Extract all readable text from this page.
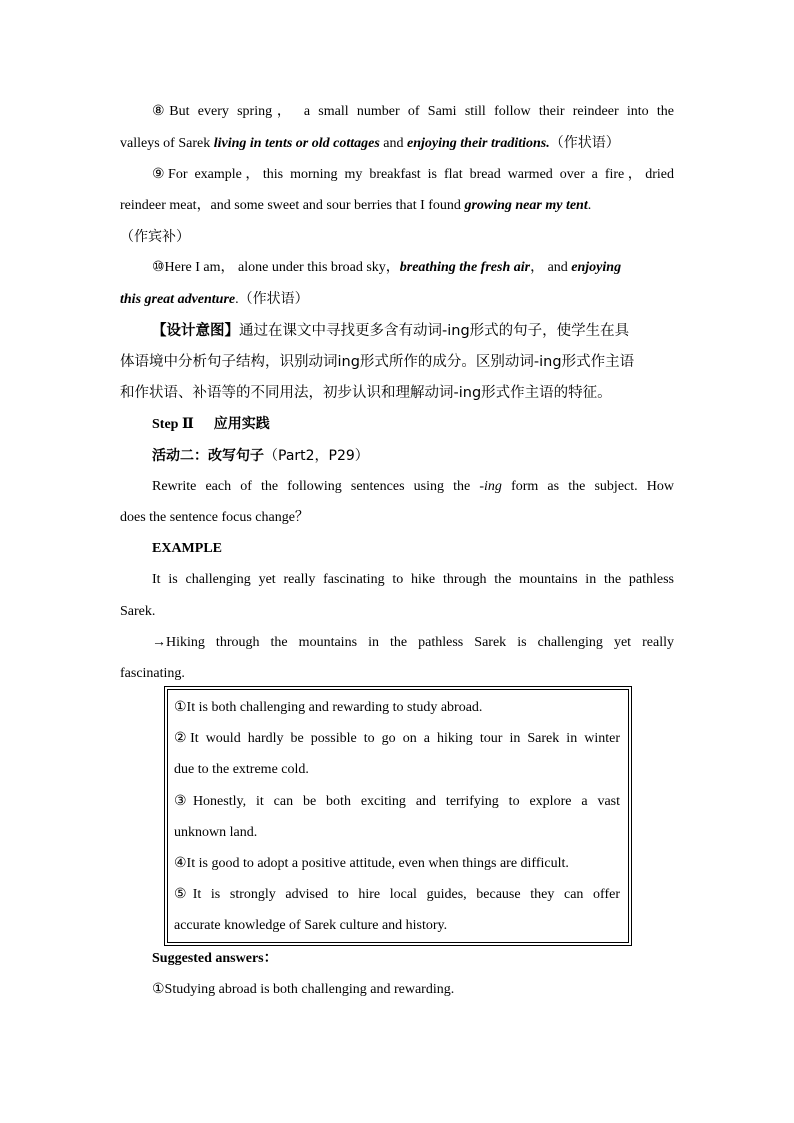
⑧But every spring， a small number of Sami still follow their reindeer into the
valleys of Sarek living in tents or old cottages and enjoying their traditions.（作状语）
⑨For example，this morning my breakfast is flat bread warmed over a fire，dried
reindeer meat，and some sweet and sour berries that I found growing near my tent.
（作宾补）
⑩Here I am， alone under this broad sky，breathing the fresh air， and enjoying
this great adventure.（作状语）
【设计意图】通过在课文中寻找更多含有动词-ing形式的句子，使学生在具
体语境中分析句子结构，识别动词ing形式所作的成分。区别动词-ing形式作主语
和作状语、补语等的不同用法，初步认识和理解动词-ing形式作主语的特征。
Step Ⅱ 应用实践
活动二：改写句子（Part2，P29）
Rewrite each of the following sentences using the -ing form as the subject. How
does the sentence focus change？
EXAMPLE
It is challenging yet really fascinating to hike through the mountains in the pathless
Sarek.
→Hiking through the mountains in the pathless Sarek is challenging yet really
fascinating.
①It is both challenging and rewarding to study abroad.
②It would hardly be possible to go on a hiking tour in Sarek in winter
due to the extreme cold.
③Honestly, it can be both exciting and terrifying to explore a vast
unknown land.
④It is good to adopt a positive attitude, even when things are difficult.
⑤It is strongly advised to hire local guides, because they can offer
accurate knowledge of Sarek culture and history.
Suggested answers：
①Studying abroad is both challenging and rewarding.
